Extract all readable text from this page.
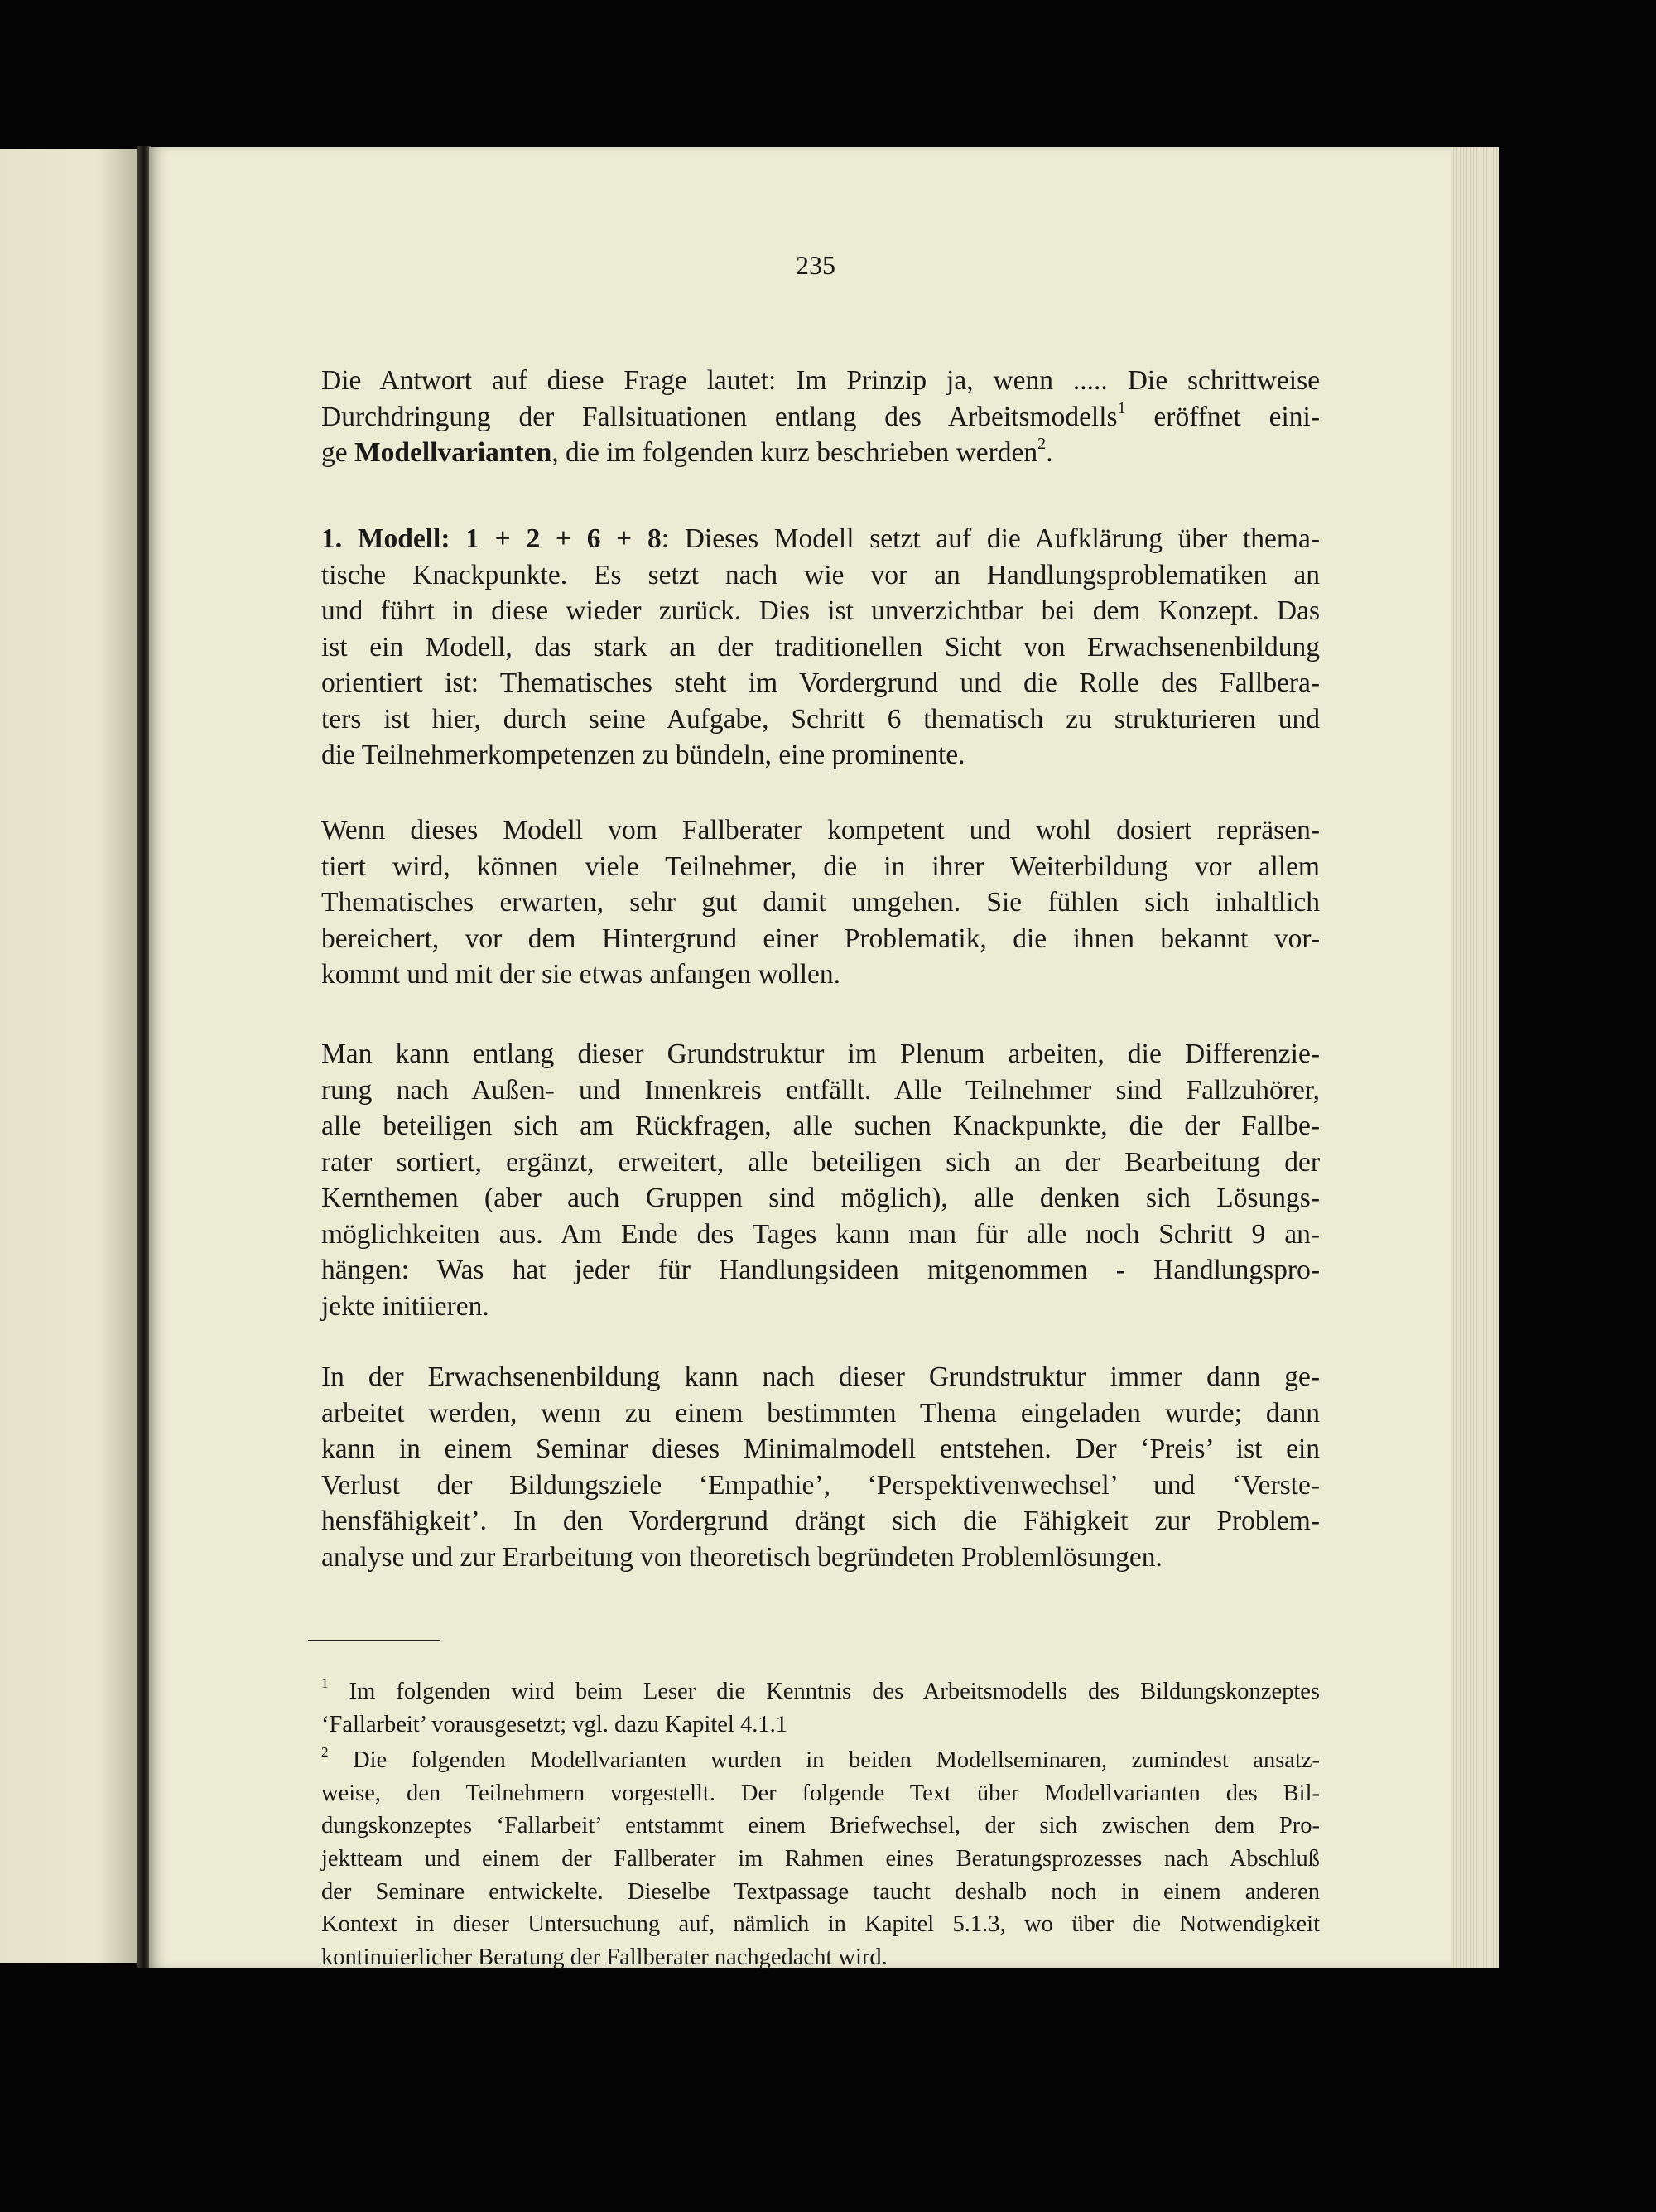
235
Die Antwort auf diese Frage lautet: Im Prinzip ja, wenn ..... Die schrittweise
Durchdringung der Fallsituationen entlang des Arbeitsmodells$^1$ eröffnet eini-
ge Modellvarianten, die im folgenden kurz beschrieben werden$^2$.
1. Modell: 1 + 2 + 6 + 8: Dieses Modell setzt auf die Aufklärung über thema-
tische Knackpunkte. Es setzt nach wie vor an Handlungsproblematiken an
und führt in diese wieder zurück. Dies ist unverzichtbar bei dem Konzept. Das
ist ein Modell, das stark an der traditionellen Sicht von Erwachsenenbildung
orientiert ist: Thematisches steht im Vordergrund und die Rolle des Fallbera-
ters ist hier, durch seine Aufgabe, Schritt 6 thematisch zu strukturieren und
die Teilnehmerkompetenzen zu bündeln, eine prominente.
Wenn dieses Modell vom Fallberater kompetent und wohl dosiert repräsen-
tiert wird, können viele Teilnehmer, die in ihrer Weiterbildung vor allem
Thematisches erwarten, sehr gut damit umgehen. Sie fühlen sich inhaltlich
bereichert, vor dem Hintergrund einer Problematik, die ihnen bekannt vor-
kommt und mit der sie etwas anfangen wollen.
Man kann entlang dieser Grundstruktur im Plenum arbeiten, die Differenzie-
rung nach Außen- und Innenkreis entfällt. Alle Teilnehmer sind Fallzuhörer,
alle beteiligen sich am Rückfragen, alle suchen Knackpunkte, die der Fallbe-
rater sortiert, ergänzt, erweitert, alle beteiligen sich an der Bearbeitung der
Kernthemen (aber auch Gruppen sind möglich), alle denken sich Lösungs-
möglichkeiten aus. Am Ende des Tages kann man für alle noch Schritt 9 an-
hängen: Was hat jeder für Handlungsideen mitgenommen - Handlungspro-
jekte initiieren.
In der Erwachsenenbildung kann nach dieser Grundstruktur immer dann ge-
arbeitet werden, wenn zu einem bestimmten Thema eingeladen wurde; dann
kann in einem Seminar dieses Minimalmodell entstehen. Der ‘Preis’ ist ein
Verlust der Bildungsziele ‘Empathie’, ‘Perspektivenwechsel’ und ‘Verste-
hensfähigkeit’. In den Vordergrund drängt sich die Fähigkeit zur Problem-
analyse und zur Erarbeitung von theoretisch begründeten Problemlösungen.
$^1$ Im folgenden wird beim Leser die Kenntnis des Arbeitsmodells des Bildungskonzeptes
‘Fallarbeit’ vorausgesetzt; vgl. dazu Kapitel 4.1.1
$^2$ Die folgenden Modellvarianten wurden in beiden Modellseminaren, zumindest ansatz-
weise, den Teilnehmern vorgestellt. Der folgende Text über Modellvarianten des Bil-
dungskonzeptes ‘Fallarbeit’ entstammt einem Briefwechsel, der sich zwischen dem Pro-
jektteam und einem der Fallberater im Rahmen eines Beratungsprozesses nach Abschluß
der Seminare entwickelte. Dieselbe Textpassage taucht deshalb noch in einem anderen
Kontext in dieser Untersuchung auf, nämlich in Kapitel 5.1.3, wo über die Notwendigkeit
kontinuierlicher Beratung der Fallberater nachgedacht wird.
